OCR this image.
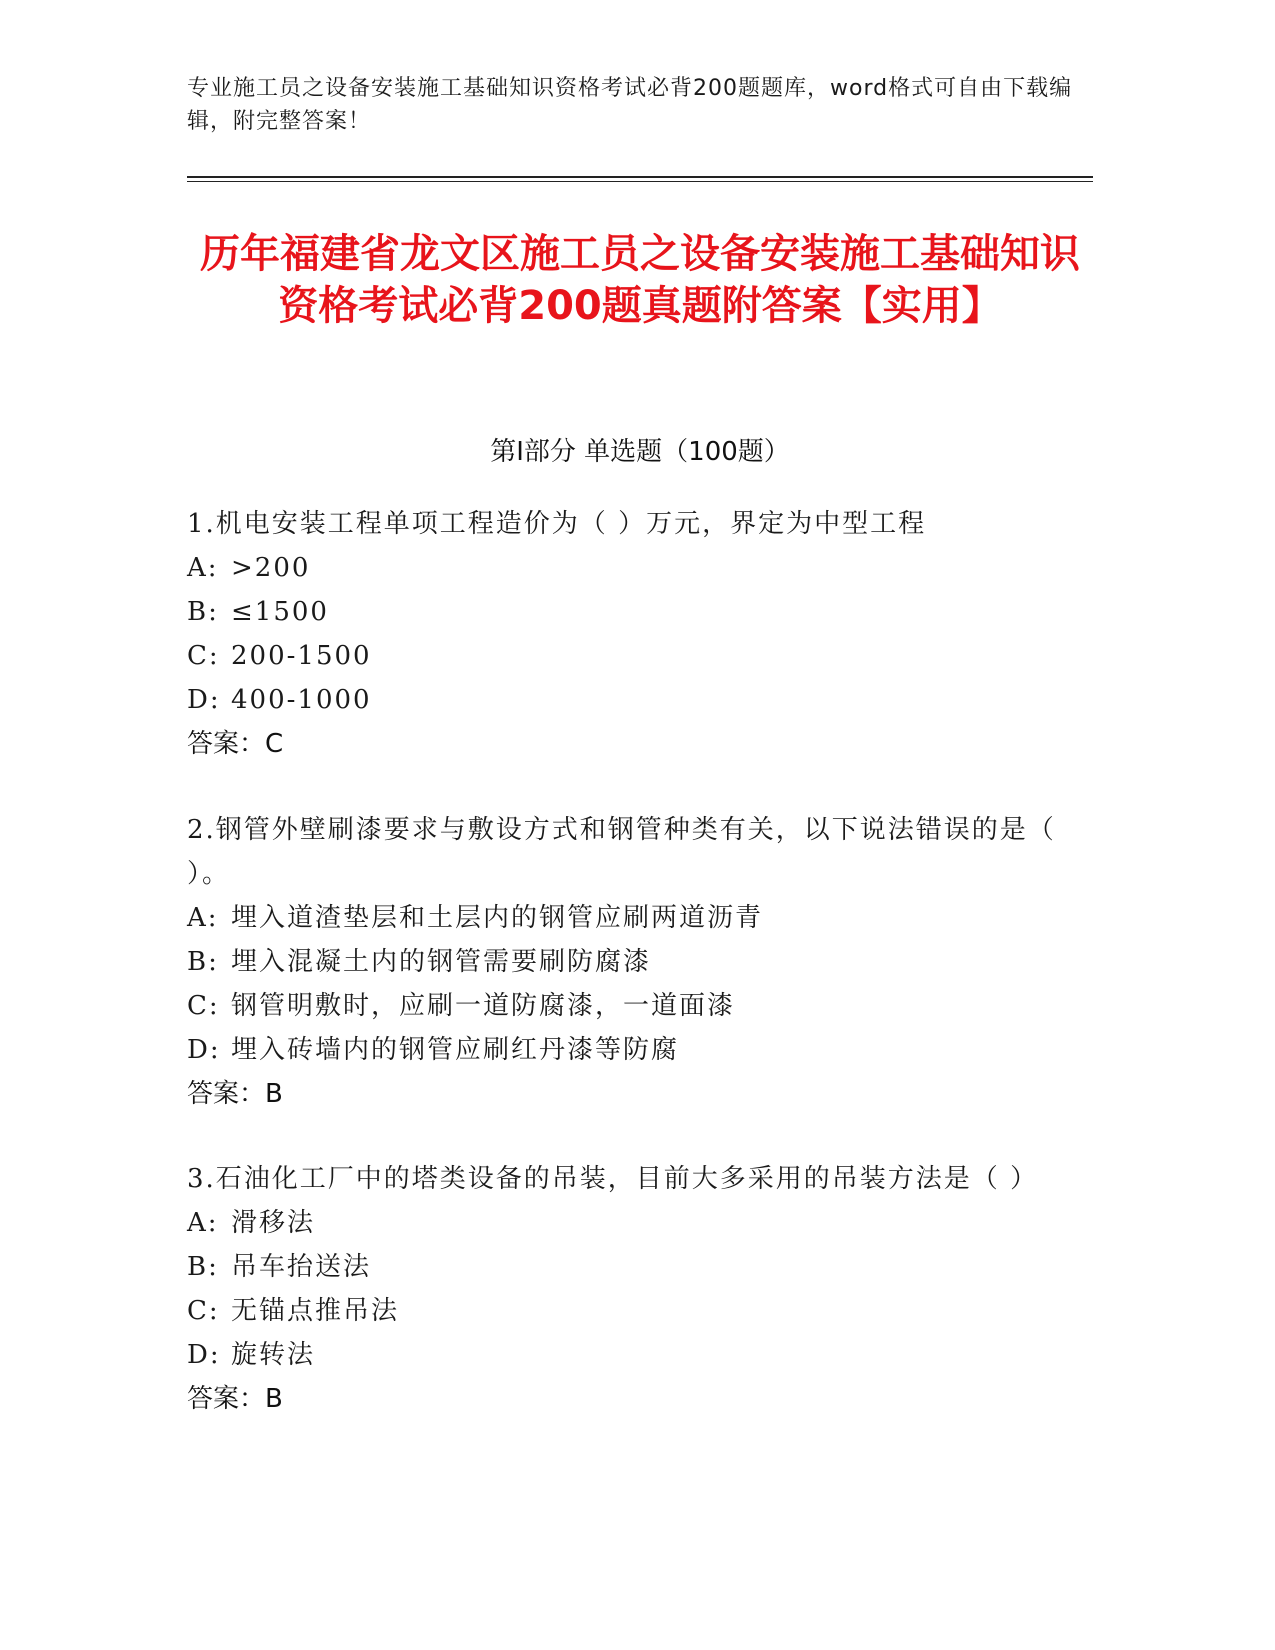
专业施工员之设备安装施工基础知识资格考试必背200题题库，word格式可自由下载编辑，附完整答案！
历年福建省龙文区施工员之设备安装施工基础知识资格考试必背200题真题附答案【实用】
第Ⅰ部分 单选题（100题）
1.机电安装工程单项工程造价为（ ）万元，界定为中型工程
A: >200
B: ≤1500
C: 200-1500
D: 400-1000
答案：C
2.钢管外壁刷漆要求与敷设方式和钢管种类有关，以下说法错误的是（ ）。
A: 埋入道渣垫层和土层内的钢管应刷两道沥青
B: 埋入混凝土内的钢管需要刷防腐漆
C: 钢管明敷时，应刷一道防腐漆，一道面漆
D: 埋入砖墙内的钢管应刷红丹漆等防腐
答案：B
3.石油化工厂中的塔类设备的吊装，目前大多采用的吊装方法是（ ）
A: 滑移法
B: 吊车抬送法
C: 无锚点推吊法
D: 旋转法
答案：B
